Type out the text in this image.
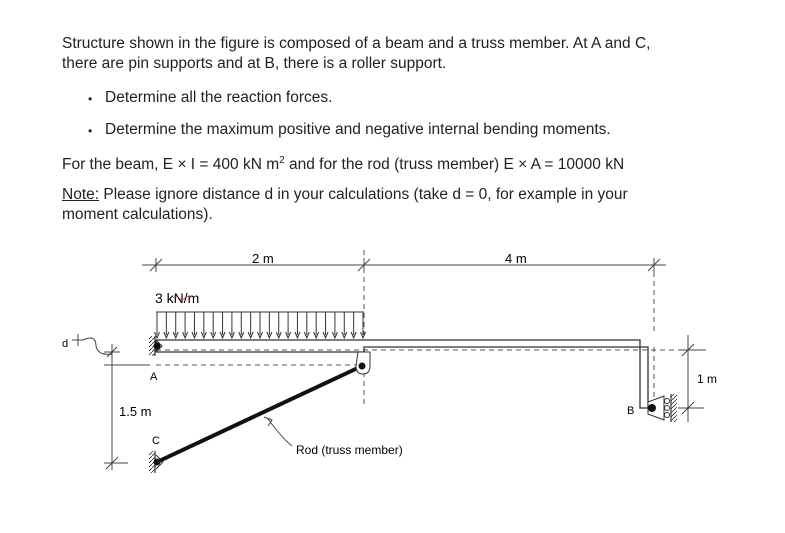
Structure shown in the figure is composed of a beam and a truss member. At A and C,
there are pin supports and at B, there is a roller support.
• Determine all the reaction forces.
• Determine the maximum positive and negative internal bending moments.
For the beam, E × I = 400 kN $m^2$ and for the rod (truss member) E × A = 10000 kN
Note: Please ignore distance d in your calculations (take d = 0, for example in your
moment calculations).
2 m	4 m
3 kN/m
A
d
1.5 m
C
Rod (truss member)
B
1 m
